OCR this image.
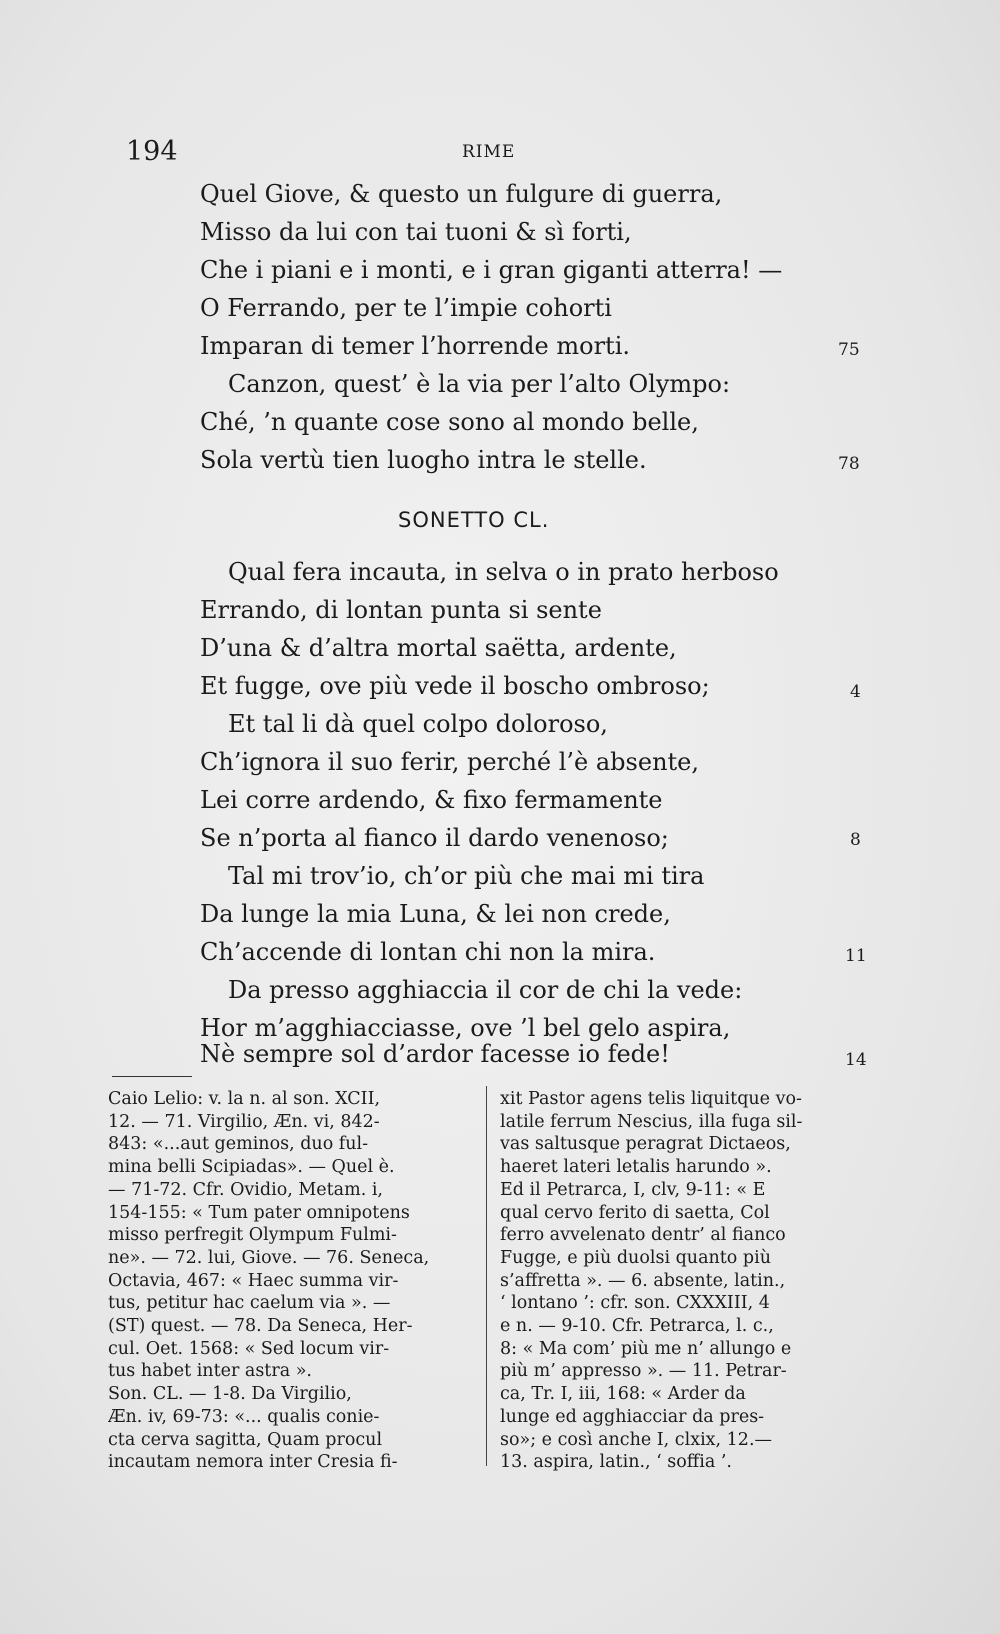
194	RIME
Quel Giove, & questo un fulgure di guerra,
Misso da lui con tai tuoni & sì forti,
Che i piani e i monti, e i gran giganti atterra! —
O Ferrando, per te l’impie cohorti
Imparan di temer l’horrende morti.	75
Canzon, quest’ è la via per l’alto Olympo:
Ché, ’n quante cose sono al mondo belle,
Sola vertù tien luogho intra le stelle.	78
SONETTO CL.
Qual fera incauta, in selva o in prato herboso
Errando, di lontan punta si sente
D’una & d’altra mortal saëtta, ardente,
Et fugge, ove più vede il boscho ombroso;	4
Et tal li dà quel colpo doloroso,
Ch’ignora il suo ferir, perché l’è absente,
Lei corre ardendo, & fixo fermamente
Se n’porta al fianco il dardo venenoso;	8
Tal mi trov’io, ch’or più che mai mi tira
Da lunge la mia Luna, & lei non crede,
Ch’accende di lontan chi non la mira.	11
Da presso agghiaccia il cor de chi la vede:
Hor m’agghiacciasse, ove ’l bel gelo aspira,
Nè sempre sol d’ardor facesse io fede!	14
Caio Lelio: v. la n. al son. XCII,
12. — 71. Virgilio, Æn. vi, 842-
843: «...aut geminos, duo ful-
mina belli Scipiadas». — Quel è.
— 71-72. Cfr. Ovidio, Metam. i,
154-155: « Tum pater omnipotens
misso perfregit Olympum Fulmi-
ne». — 72. lui, Giove. — 76. Seneca,
Octavia, 467: « Haec summa vir-
tus, petitur hac caelum via ». —
(ST) quest. — 78. Da Seneca, Her-
cul. Oet. 1568: « Sed locum vir-
tus habet inter astra ».
Son. CL. — 1-8. Da Virgilio,
Æn. iv, 69-73: «... qualis conie-
cta cerva sagitta, Quam procul
incautam nemora inter Cresia fi-
xit Pastor agens telis liquitque vo-
latile ferrum Nescius, illa fuga sil-
vas saltusque peragrat Dictaeos,
haeret lateri letalis harundo ».
Ed il Petrarca, I, clv, 9-11: « E
qual cervo ferito di saetta, Col
ferro avvelenato dentr’ al fianco
Fugge, e più duolsi quanto più
s’affretta ». — 6. absente, latin.,
‘ lontano ’: cfr. son. CXXXIII, 4
e n. — 9-10. Cfr. Petrarca, l. c.,
8: « Ma com’ più me n’ allungo e
più m’ appresso ». — 11. Petrar-
ca, Tr. I, iii, 168: « Arder da
lunge ed agghiacciar da pres-
so»; e così anche I, clxix, 12.—
13. aspira, latin., ‘ soffia ’.
